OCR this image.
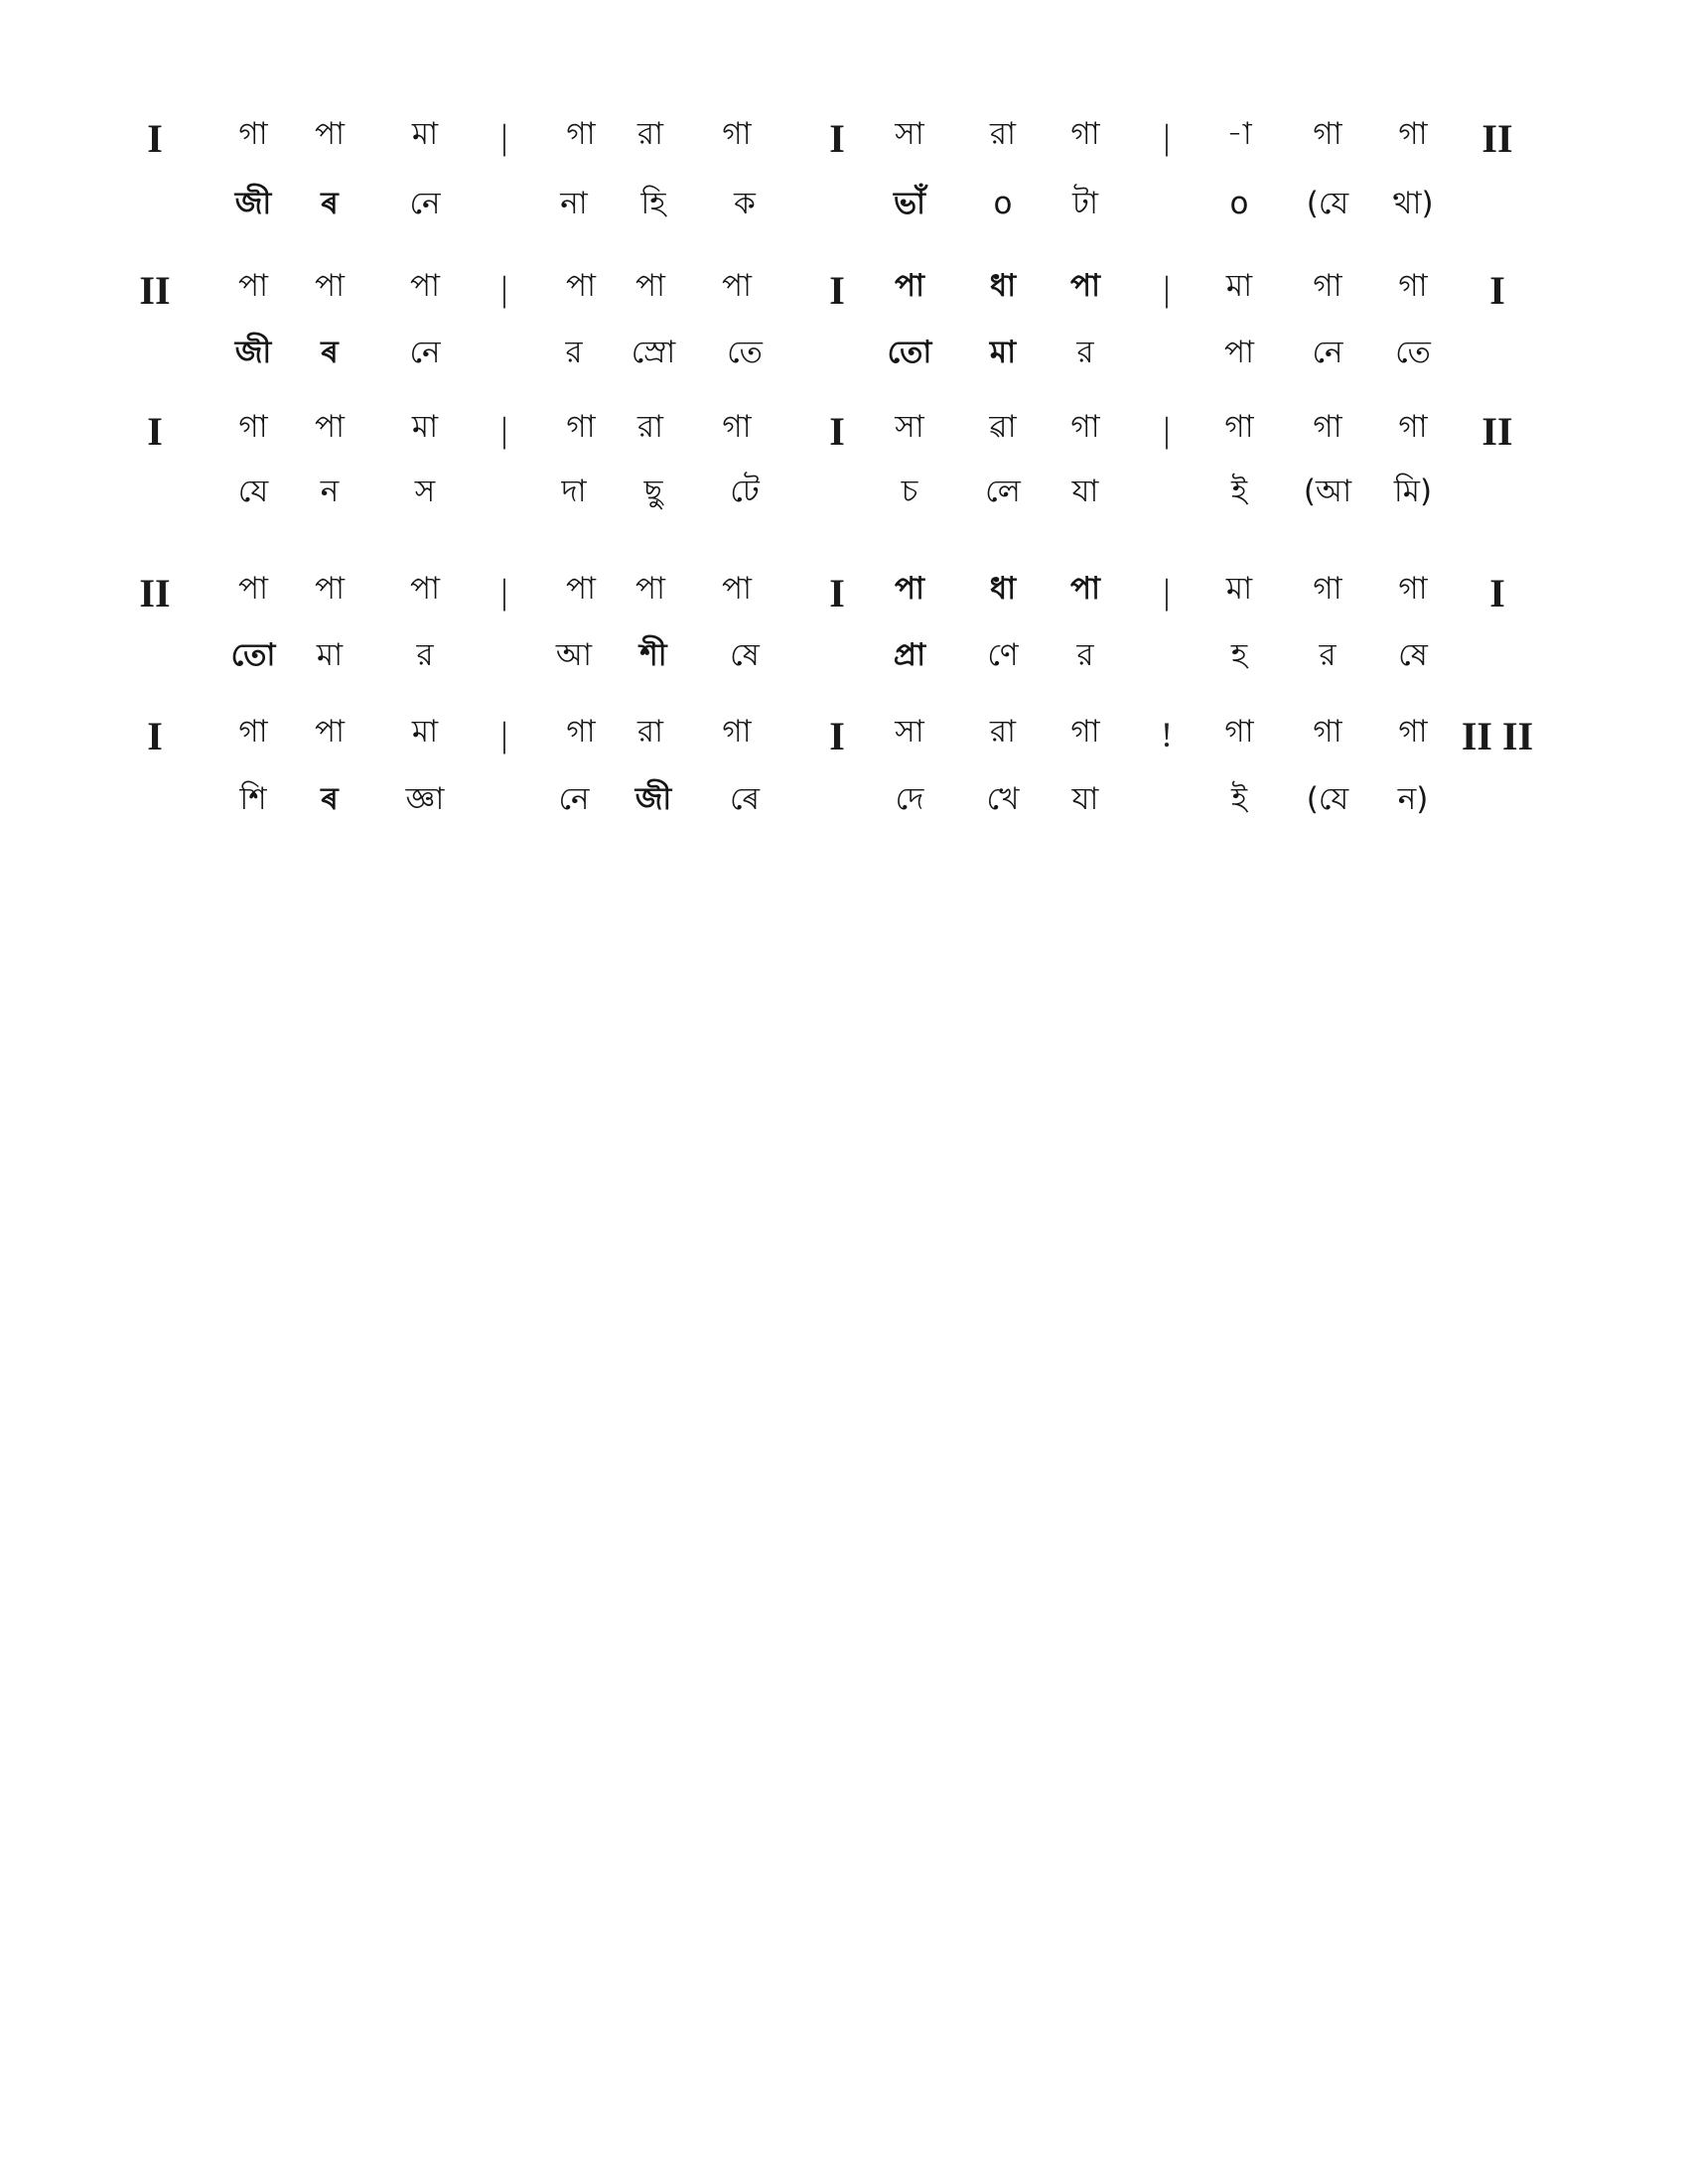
I গা পা মা | গা রা গা I সা রা গা | -া গা গা II
জী ৰ নে	না হি ক	ভাঁ ο টা	ο (যে থা)
II পা পা পা | পা পা পা I পা ধা পা | মা গা গা I
জী ৰ নে	র স্রো তে	তো মা র	পা নে তে
I গা পা মা | গা রা গা I সা ৱা গা | গা গা গা II
যে ন স	দা ছু টে	চ লে যা	ই (আ মি)
II পা পা পা | পা পা পা I পা ধা পা | মা গা গা I
তো মা র	আ শী ষে	প্রা ণে র	হ র ষে
I গা পা মা | গা রা গা I সা রা গা ! গা গা গা II II
শি ৰ জ্ঞা	নে জী ৰে	দে খে যা	ই (যে ন)
